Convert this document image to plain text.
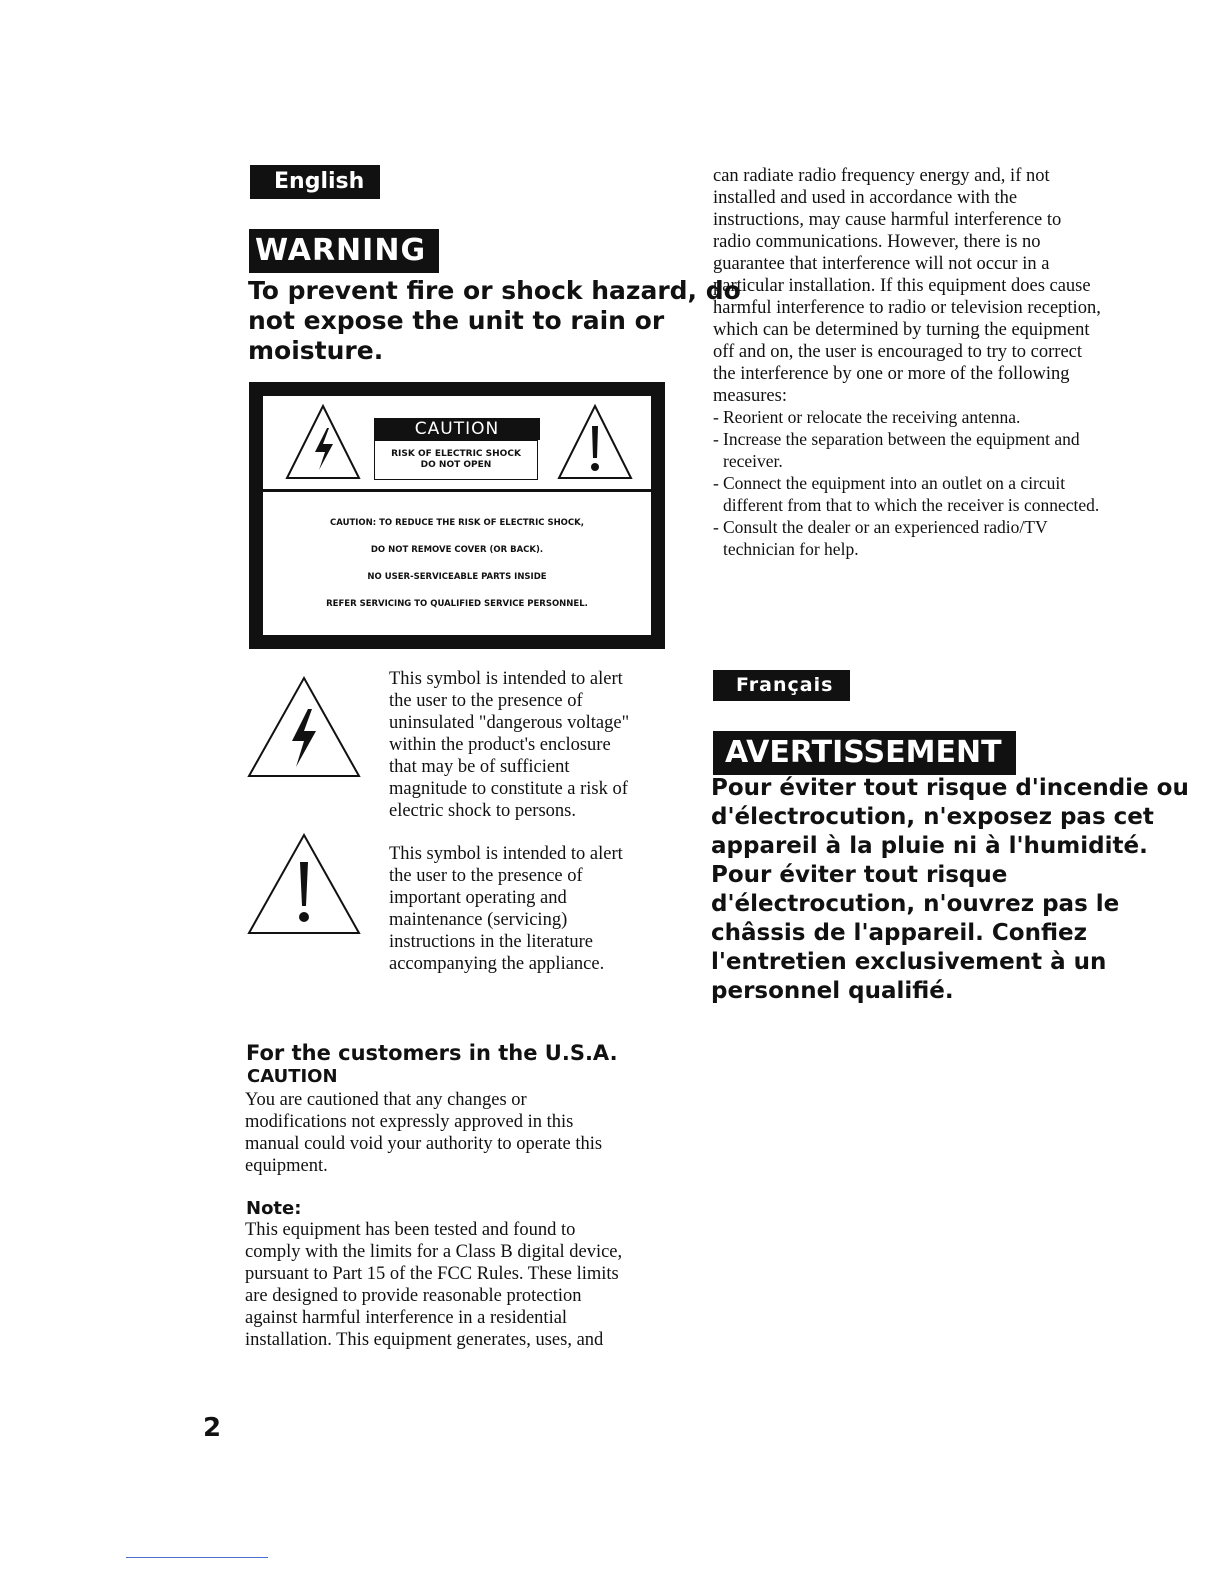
English
WARNING
To prevent fire or shock hazard, do
not expose the unit to rain or
moisture.
CAUTION
RISK OF ELECTRIC SHOCK
DO NOT OPEN
CAUTION: TO REDUCE THE RISK OF ELECTRIC SHOCK,
DO NOT REMOVE COVER (OR BACK).
NO USER-SERVICEABLE PARTS INSIDE
REFER SERVICING TO QUALIFIED SERVICE PERSONNEL.
This symbol is intended to alert
the user to the presence of
uninsulated "dangerous voltage"
within the product's enclosure
that may be of sufficient
magnitude to constitute a risk of
electric shock to persons.
This symbol is intended to alert
the user to the presence of
important operating and
maintenance (servicing)
instructions in the literature
accompanying the appliance.
For the customers in the U.S.A.
CAUTION
You are cautioned that any changes or
modifications not expressly approved in this
manual could void your authority to operate this
equipment.
Note:
This equipment has been tested and found to
comply with the limits for a Class B digital device,
pursuant to Part 15 of the FCC Rules. These limits
are designed to provide reasonable protection
against harmful interference in a residential
installation. This equipment generates, uses, and
can radiate radio frequency energy and, if not
installed and used in accordance with the
instructions, may cause harmful interference to
radio communications. However, there is no
guarantee that interference will not occur in a
particular installation. If this equipment does cause
harmful interference to radio or television reception,
which can be determined by turning the equipment
off and on, the user is encouraged to try to correct
the interference by one or more of the following
measures:
- Reorient or relocate the receiving antenna.
- Increase the separation between the equipment and
receiver.
- Connect the equipment into an outlet on a circuit
different from that to which the receiver is connected.
- Consult the dealer or an experienced radio/TV
technician for help.
Français
AVERTISSEMENT
Pour éviter tout risque d'incendie ou
d'électrocution, n'exposez pas cet
appareil à la pluie ni à l'humidité.
Pour éviter tout risque
d'électrocution, n'ouvrez pas le
châssis de l'appareil. Confiez
l'entretien exclusivement à un
personnel qualifié.
2
